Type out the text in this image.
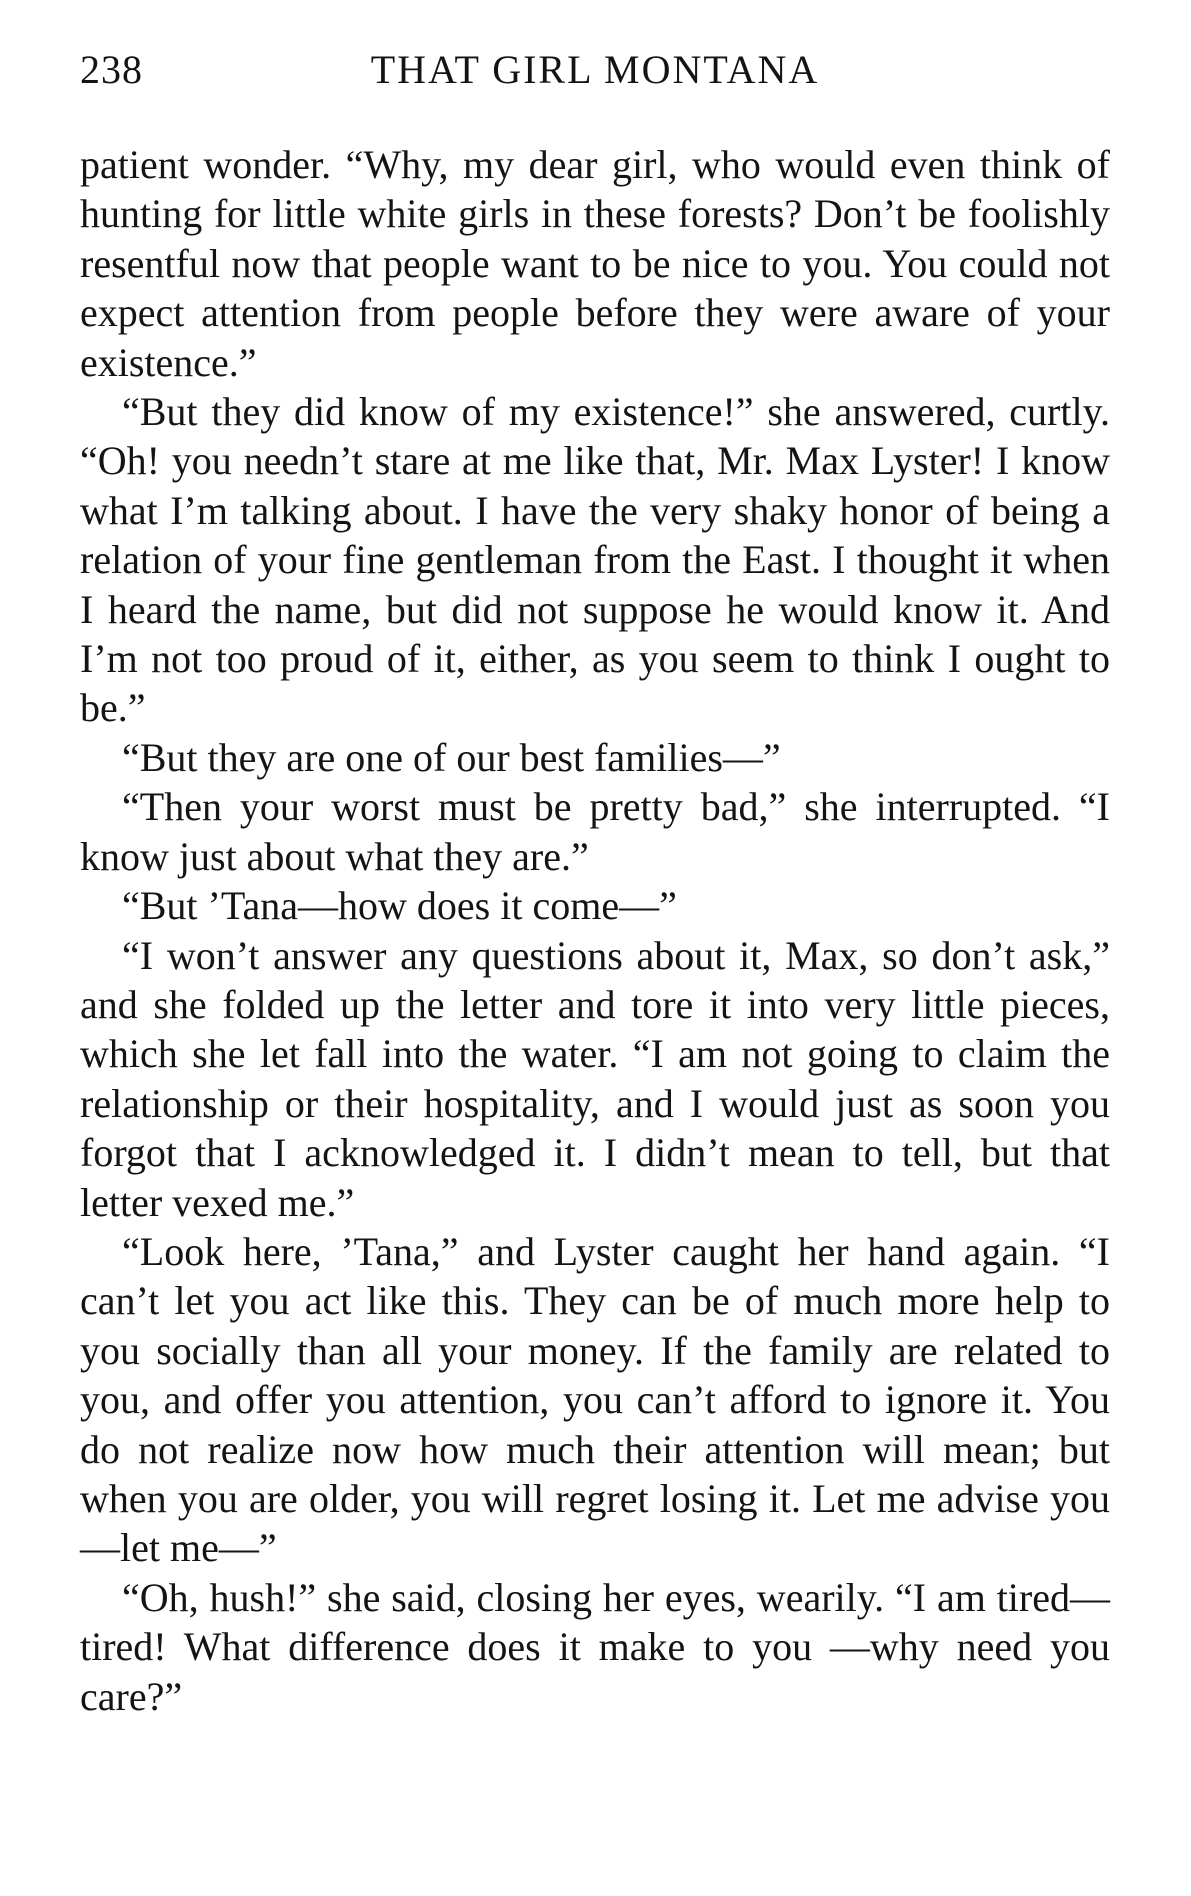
238	THAT GIRL MONTANA

patient wonder. “Why, my dear girl, who would even think of hunting for little white girls in these forests? Don’t be foolishly resentful now that people want to be nice to you. You could not expect attention from people before they were aware of your existence.”

“But they did know of my existence!” she answered, curtly. “Oh! you needn’t stare at me like that, Mr. Max Lyster! I know what I’m talking about. I have the very shaky honor of being a relation of your fine gentleman from the East. I thought it when I heard the name, but did not suppose he would know it. And I’m not too proud of it, either, as you seem to think I ought to be.”

“But they are one of our best families—”

“Then your worst must be pretty bad,” she interrupted. “I know just about what they are.”

“But ’Tana—how does it come—”

“I won’t answer any questions about it, Max, so don’t ask,” and she folded up the letter and tore it into very little pieces, which she let fall into the water. “I am not going to claim the relationship or their hospitality, and I would just as soon you forgot that I acknowledged it. I didn’t mean to tell, but that letter vexed me.”

“Look here, ’Tana,” and Lyster caught her hand again. “I can’t let you act like this. They can be of much more help to you socially than all your money. If the family are related to you, and offer you attention, you can’t afford to ignore it. You do not realize now how much their attention will mean; but when you are older, you will regret losing it. Let me advise you—let me—”

“Oh, hush!” she said, closing her eyes, wearily. “I am tired—tired! What difference does it make to you —why need you care?”
